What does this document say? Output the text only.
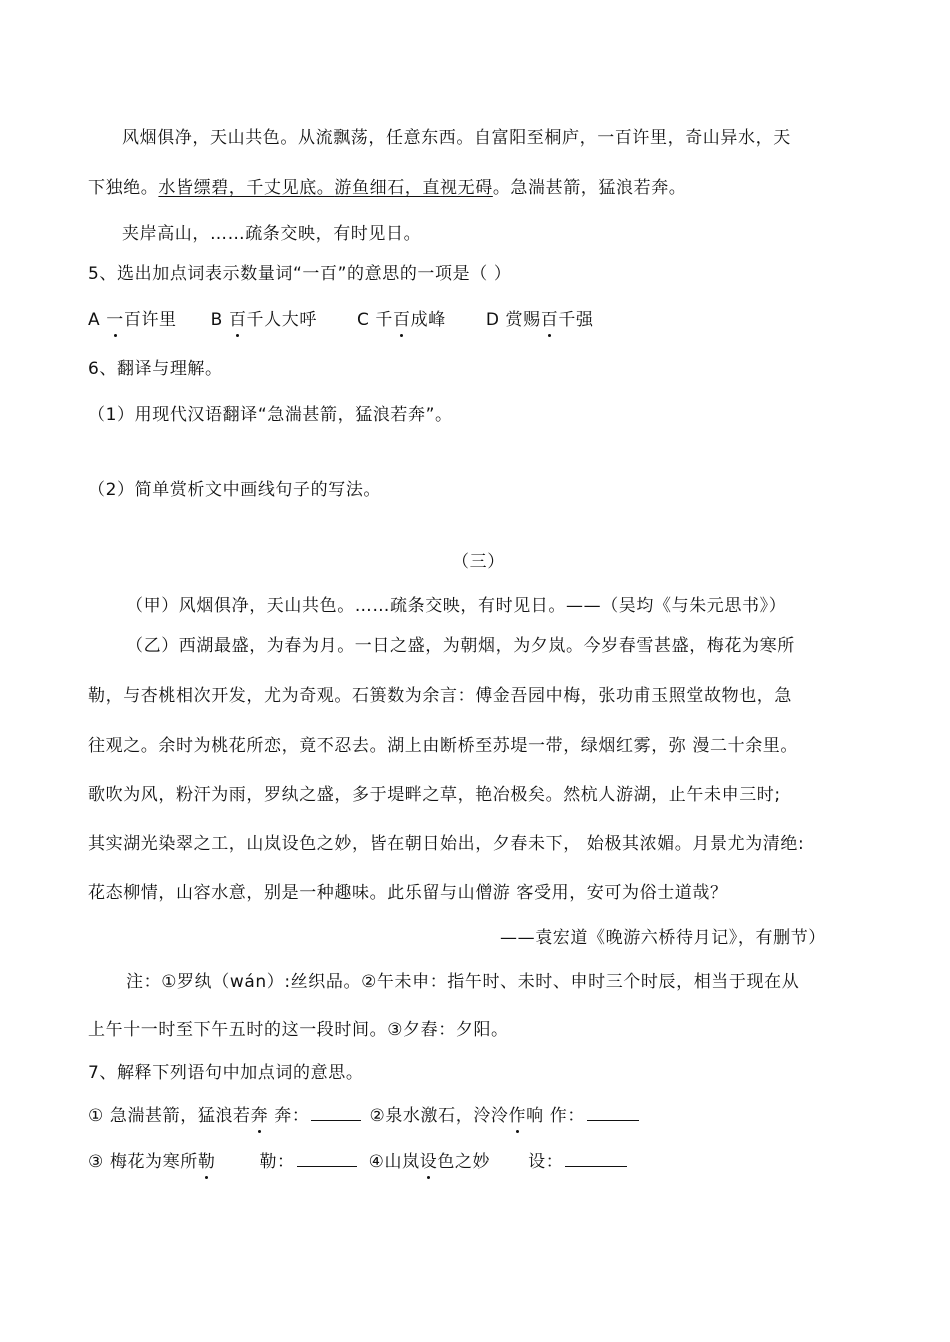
风烟俱净，天山共色。从流飘荡，任意东西。自富阳至桐庐，一百许里，奇山异水，天
下独绝。水皆缥碧，千丈见底。游鱼细石，直视无碍。急湍甚箭，猛浪若奔。
夹岸高山，……疏条交映，有时见日。
5、选出加点词表示数量词“一百”的意思的一项是（ ）
A 一百许里 B 百千人大呼 C 千百成峰 D 赏赐百千强
6、翻译与理解。
（1）用现代汉语翻译“急湍甚箭，猛浪若奔”。
（2）简单赏析文中画线句子的写法。
（三）
（甲）风烟俱净，天山共色。……疏条交映，有时见日。——（吴均《与朱元思书》）
（乙）西湖最盛，为春为月。一日之盛，为朝烟，为夕岚。今岁春雪甚盛，梅花为寒所
勒，与杏桃相次开发，尤为奇观。石篑数为余言：傅金吾园中梅，张功甫玉照堂故物也，急
往观之。余时为桃花所恋，竟不忍去。湖上由断桥至苏堤一带，绿烟红雾，弥 漫二十余里。
歌吹为风，粉汗为雨，罗纨之盛，多于堤畔之草，艳冶极矣。然杭人游湖，止午未申三时;
其实湖光染翠之工，山岚设色之妙，皆在朝日始出，夕春未下， 始极其浓媚。月景尤为清绝:
花态柳情，山容水意，别是一种趣味。此乐留与山僧游 客受用，安可为俗士道哉？
——袁宏道《晚游六桥待月记》，有删节）
注：①罗纨（wán）:丝织品。②午未申：指午时、未时、申时三个时辰，相当于现在从
上午十一时至下午五时的这一段时间。③夕舂：夕阳。
7、解释下列语句中加点词的意思。
① 急湍甚箭，猛浪若奔 奔：	②泉水激石，泠泠作响 作：
③ 梅花为寒所勒	勒：	④山岚设色之妙 设：
